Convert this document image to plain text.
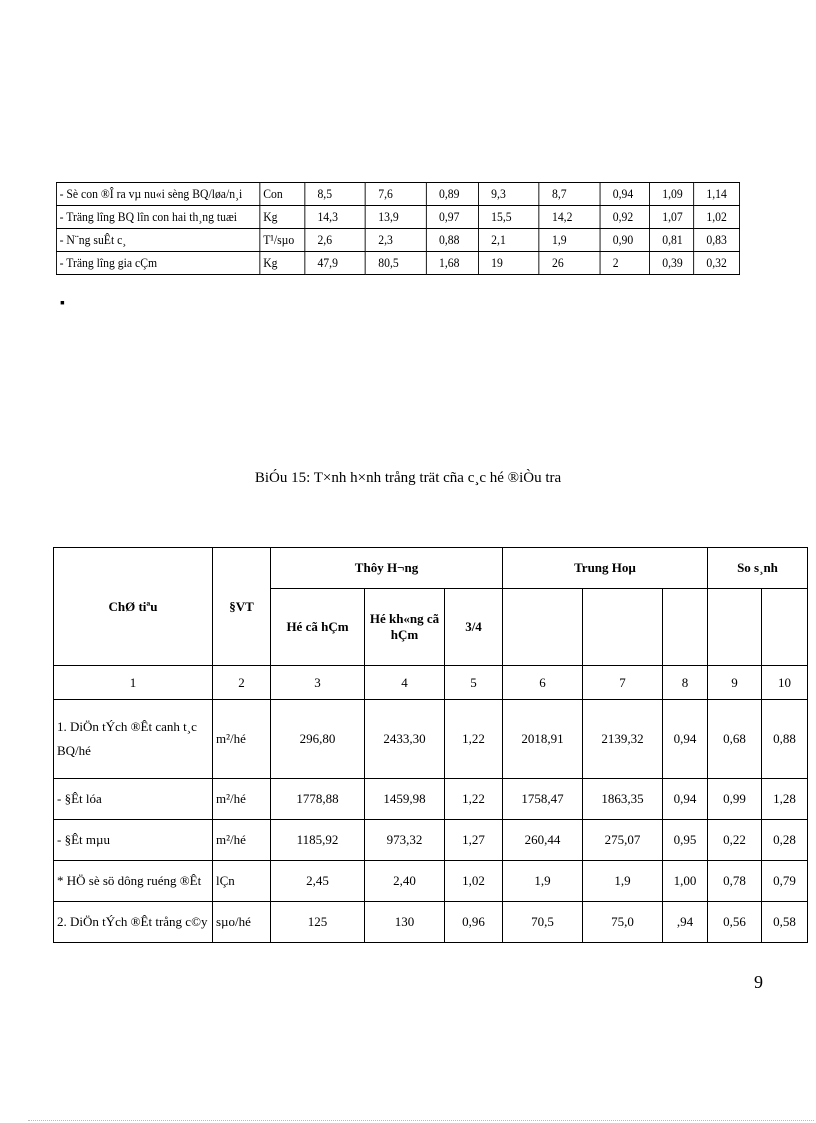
- Sè con ®Î ra vµ nu«i sèng BQ/løa/n¸i	Con	8,5	7,6	0,89	9,3	8,7	0,94	1,09	1,14
- Träng lîng BQ lîn con hai th¸ng tuæi	Kg	14,3	13,9	0,97	15,5	14,2	0,92	1,07	1,02
- N¨ng suÊt c¸	T¹/sµo	2,6	2,3	0,88	2,1	1,9	0,90	0,81	0,83
- Träng lîng gia cÇm	Kg	47,9	80,5	1,68	19	26	2	0,39	0,32
▪
BiÓu 15: T×nh h×nh trång trät cña c¸c hé ®iÒu tra
ChØ tiªu	§VT	Thôy H¬ng			Trung Hoµ			So s¸nh	
		Hé cã hÇm	Hé kh«ng cã hÇm	3/4					
1	2	3	4	5	6	7	8	9	10
1. DiÖn tÝch ®Êt canh t¸c BQ/hé	m²/hé	296,80	2433,30	1,22	2018,91	2139,32	0,94	0,68	0,88
- §Êt lóa	m²/hé	1778,88	1459,98	1,22	1758,47	1863,35	0,94	0,99	1,28
- §Êt mµu	m²/hé	1185,92	973,32	1,27	260,44	275,07	0,95	0,22	0,28
* HÖ sè sö dông ruéng ®Êt	lÇn	2,45	2,40	1,02	1,9	1,9	1,00	0,78	0,79
2. DiÖn tÝch ®Êt trång c©y	sµo/hé	125	130	0,96	70,5	75,0	,94	0,56	0,58
9
